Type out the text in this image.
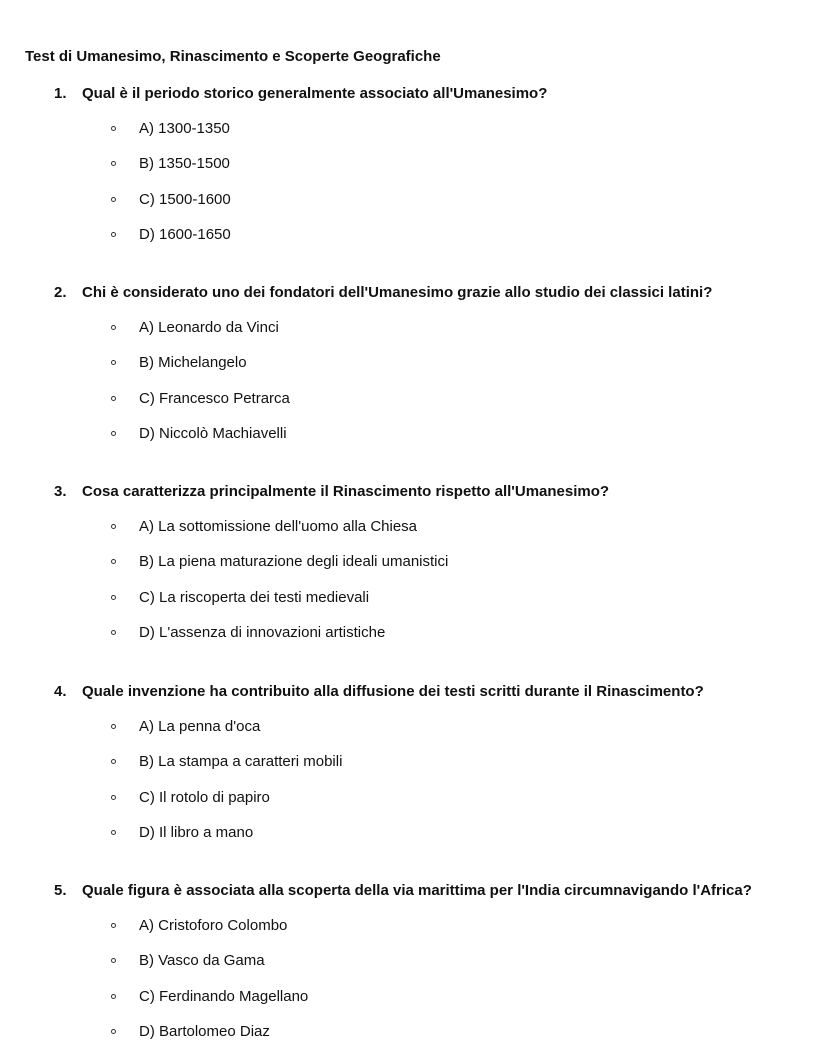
Test di Umanesimo, Rinascimento e Scoperte Geografiche
1. Qual è il periodo storico generalmente associato all'Umanesimo?
A) 1300-1350
B) 1350-1500
C) 1500-1600
D) 1600-1650
2. Chi è considerato uno dei fondatori dell'Umanesimo grazie allo studio dei classici latini?
A) Leonardo da Vinci
B) Michelangelo
C) Francesco Petrarca
D) Niccolò Machiavelli
3. Cosa caratterizza principalmente il Rinascimento rispetto all'Umanesimo?
A) La sottomissione dell'uomo alla Chiesa
B) La piena maturazione degli ideali umanistici
C) La riscoperta dei testi medievali
D) L'assenza di innovazioni artistiche
4. Quale invenzione ha contribuito alla diffusione dei testi scritti durante il Rinascimento?
A) La penna d'oca
B) La stampa a caratteri mobili
C) Il rotolo di papiro
D) Il libro a mano
5. Quale figura è associata alla scoperta della via marittima per l'India circumnavigando l'Africa?
A) Cristoforo Colombo
B) Vasco da Gama
C) Ferdinando Magellano
D) Bartolomeo Diaz
